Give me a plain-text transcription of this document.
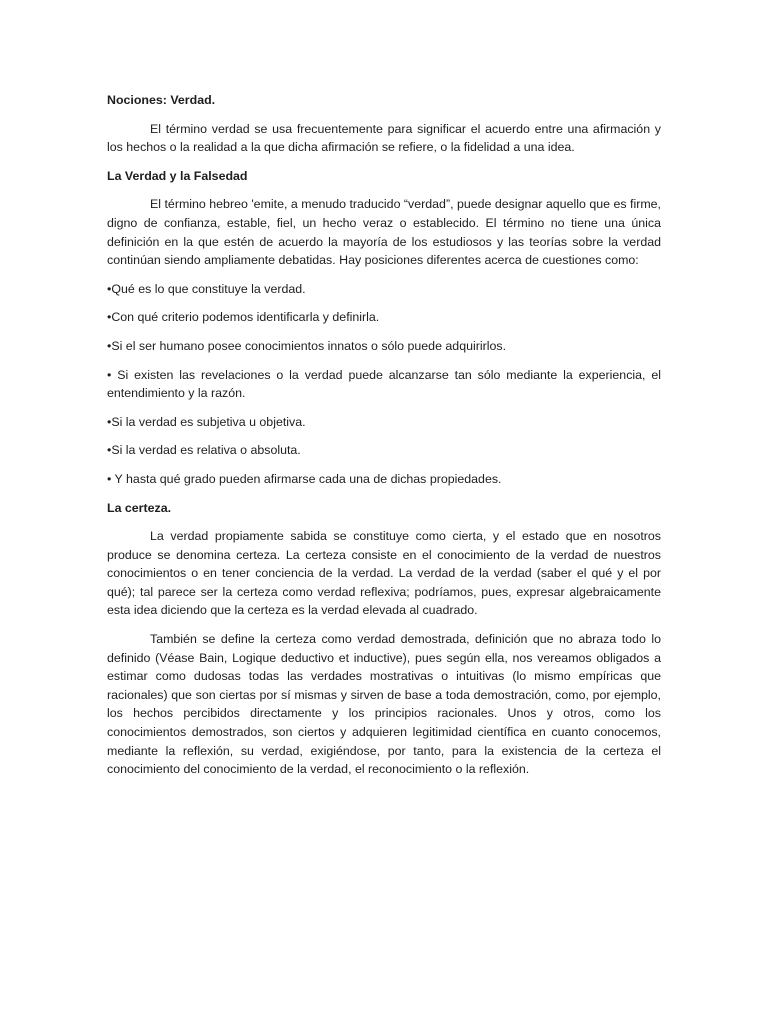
Nociones: Verdad.

El término verdad se usa frecuentemente para significar el acuerdo entre una afirmación y los hechos o la realidad a la que dicha afirmación se refiere, o la fidelidad a una idea.

La Verdad y la Falsedad

El término hebreo 'emite, a menudo traducido “verdad”, puede designar aquello que es firme, digno de confianza, estable, fiel, un hecho veraz o establecido. El término no tiene una única definición en la que estén de acuerdo la mayoría de los estudiosos y las teorías sobre la verdad continúan siendo ampliamente debatidas. Hay posiciones diferentes acerca de cuestiones como:

•Qué es lo que constituye la verdad.

•Con qué criterio podemos identificarla y definirla.

•Si el ser humano posee conocimientos innatos o sólo puede adquirirlos.

• Si existen las revelaciones o la verdad puede alcanzarse tan sólo mediante la experiencia, el entendimiento y la razón.

•Si la verdad es subjetiva u objetiva.

•Si la verdad es relativa o absoluta.

• Y hasta qué grado pueden afirmarse cada una de dichas propiedades.

La certeza.

La verdad propiamente sabida se constituye como cierta, y el estado que en nosotros produce se denomina certeza. La certeza consiste en el conocimiento de la verdad de nuestros conocimientos o en tener conciencia de la verdad. La verdad de la verdad (saber el qué y el por qué); tal parece ser la certeza como verdad reflexiva; podríamos, pues, expresar algebraicamente esta idea diciendo que la certeza es la verdad elevada al cuadrado.

También se define la certeza como verdad demostrada, definición que no abraza todo lo definido (Véase Bain, Logique deductivo et inductive), pues según ella, nos vereamos obligados a estimar como dudosas todas las verdades mostrativas o intuitivas (lo mismo empíricas que racionales) que son ciertas por sí mismas y sirven de base a toda demostración, como, por ejemplo, los hechos percibidos directamente y los principios racionales. Unos y otros, como los conocimientos demostrados, son ciertos y adquieren legitimidad científica en cuanto conocemos, mediante la reflexión, su verdad, exigiéndose, por tanto, para la existencia de la certeza el conocimiento del conocimiento de la verdad, el reconocimiento o la reflexión.
